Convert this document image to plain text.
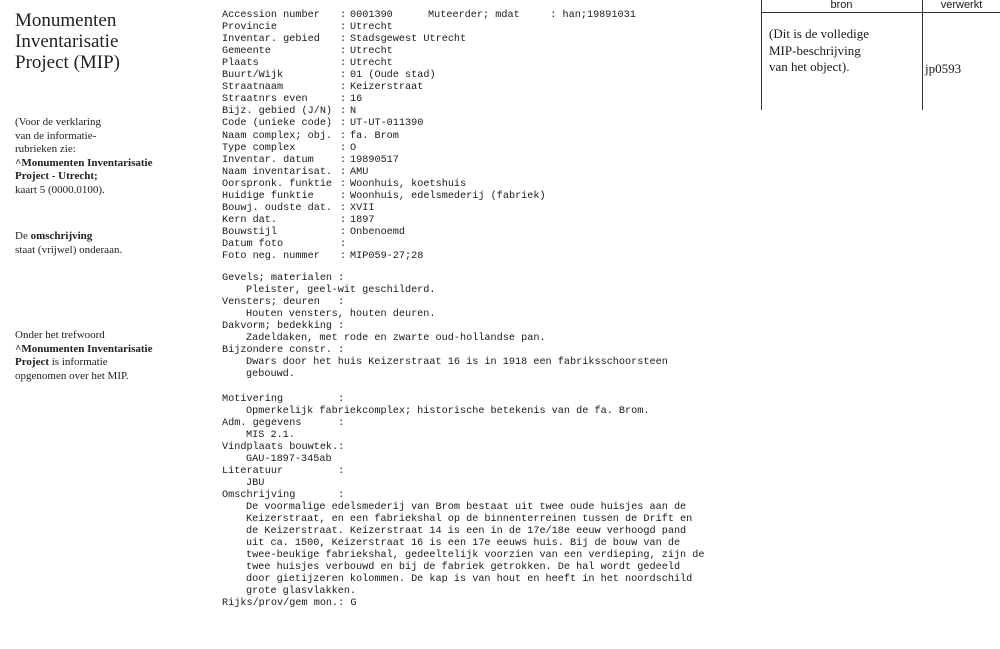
Monumenten
Inventarisatie
Project (MIP)
(Voor de verklaring
van de informatie-
rubrieken zie:
^Monumenten Inventarisatie
Project - Utrecht;
kaart 5 (0000.0100).
De omschrijving
staat (vrijwel) onderaan.
Onder het trefwoord
^Monumenten Inventarisatie
Project is informatie
opgenomen over het MIP.
Accession number	: 0001390
Provincie	: Utrecht
Inventar. gebied	: Stadsgewest Utrecht
Gemeente	: Utrecht
Plaats	: Utrecht
Buurt/Wijk	: 01 (Oude stad)
Straatnaam	: Keizerstraat
Straatnrs even	: 16
Bijz. gebied (J/N) : N
Code (unieke code) : UT-UT-011390
Naam complex; obj. : fa. Brom
Type complex	: O
Inventar. datum	: 19890517
Naam inventarisat. : AMU
Oorspronk. funktie : Woonhuis, koetshuis
Huidige funktie	: Woonhuis, edelsmederij (fabriek)
Bouwj. oudste dat. : XVII
Kern dat.	: 1897
Bouwstijl	: Onbenoemd
Datum foto	:
Foto neg. nummer	: MIP059-27;28
Muteerder; mdat     : han;19891031
Gevels; materialen :
Pleister, geel-wit geschilderd.
Vensters; deuren   :
Houten vensters, houten deuren.
Dakvorm; bedekking :
Zadeldaken, met rode en zwarte oud-hollandse pan.
Bijzondere constr. :
Dwars door het huis Keizerstraat 16 is in 1918 een fabriksschoorsteen
gebouwd.
Motivering         :
Opmerkelijk fabriekcomplex; historische betekenis van de fa. Brom.
Adm. gegevens      :
MIS 2.1.
Vindplaats bouwtek.:
GAU-1897-345ab
Literatuur         :
JBU
Omschrijving       :
De voormalige edelsmederij van Brom bestaat uit twee oude huisjes aan de
Keizerstraat, en een fabriekshal op de binnenterreinen tussen de Drift en
de Keizerstraat. Keizerstraat 14 is een in de 17e/18e eeuw verhoogd pand
uit ca. 1500, Keizerstraat 16 is een 17e eeuws huis. Bij de bouw van de
twee-beukige fabriekshal, gedeeltelijk voorzien van een verdieping, zijn de
twee huisjes verbouwd en bij de fabriek getrokken. De hal wordt gedeeld
door gietijzeren kolommen. De kap is van hout en heeft in het noordschild
grote glasvlakken.
Rijks/prov/gem mon.: G
bron	verwerkt
(Dit is de volledige
MIP-beschrijving
van het object).	jp0593
